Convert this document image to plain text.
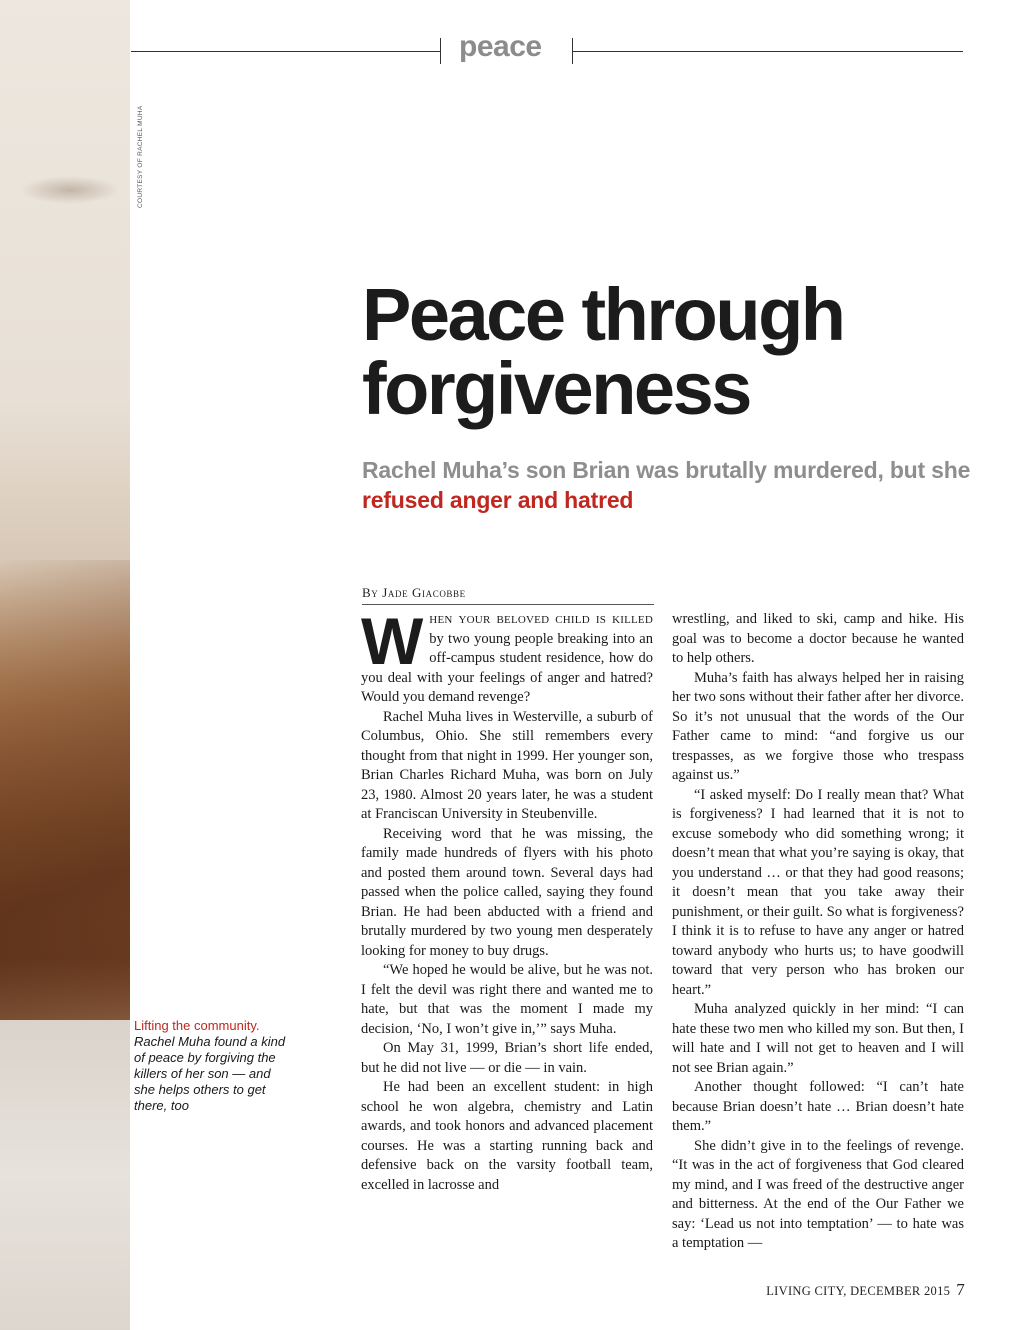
COURTESY OF RACHEL MUHA
peace
Peace through
forgiveness

Rachel Muha’s son Brian was brutally murdered, but she refused anger and hatred

By Jade Giacobbe

When your beloved child is killed by two young people breaking into an off-campus student residence, how do you deal with your feelings of anger and hatred? Would you demand revenge?

Rachel Muha lives in Westerville, a suburb of Columbus, Ohio. She still remembers every thought from that night in 1999. Her younger son, Brian Charles Richard Muha, was born on July 23, 1980. Almost 20 years later, he was a student at Franciscan University in Steubenville.

Receiving word that he was missing, the family made hundreds of flyers with his photo and posted them around town. Several days had passed when the police called, saying they found Brian. He had been abducted with a friend and brutally murdered by two young men desperately looking for money to buy drugs.

“We hoped he would be alive, but he was not. I felt the devil was right there and wanted me to hate, but that was the moment I made my decision, ‘No, I won’t give in,’” says Muha.

On May 31, 1999, Brian’s short life ended, but he did not live — or die — in vain.

He had been an excellent student: in high school he won algebra, chemistry and Latin awards, and took honors and advanced placement courses. He was a starting running back and defensive back on the varsity football team, excelled in lacrosse and

wrestling, and liked to ski, camp and hike. His goal was to become a doctor because he wanted to help others.

Muha’s faith has always helped her in raising her two sons without their father after her divorce. So it’s not unusual that the words of the Our Father came to mind: “and forgive us our trespasses, as we forgive those who trespass against us.”

“I asked myself: Do I really mean that? What is forgiveness? I had learned that it is not to excuse somebody who did something wrong; it doesn’t mean that what you’re saying is okay, that you understand … or that they had good reasons; it doesn’t mean that you take away their punishment, or their guilt. So what is forgiveness? I think it is to refuse to have any anger or hatred toward anybody who hurts us; to have goodwill toward that very person who has broken our heart.”

Muha analyzed quickly in her mind: “I can hate these two men who killed my son. But then, I will hate and I will not get to heaven and I will not see Brian again.”

Another thought followed: “I can’t hate because Brian doesn’t hate … Brian doesn’t hate them.”

She didn’t give in to the feelings of revenge. “It was in the act of forgiveness that God cleared my mind, and I was freed of the destructive anger and bitterness. At the end of the Our Father we say: ‘Lead us not into temptation’ — to hate was a temptation —

Lifting the community.
Rachel Muha found a kind of peace by forgiving the killers of her son — and she helps others to get there, too
LIVING CITY, DECEMBER 2015 7
